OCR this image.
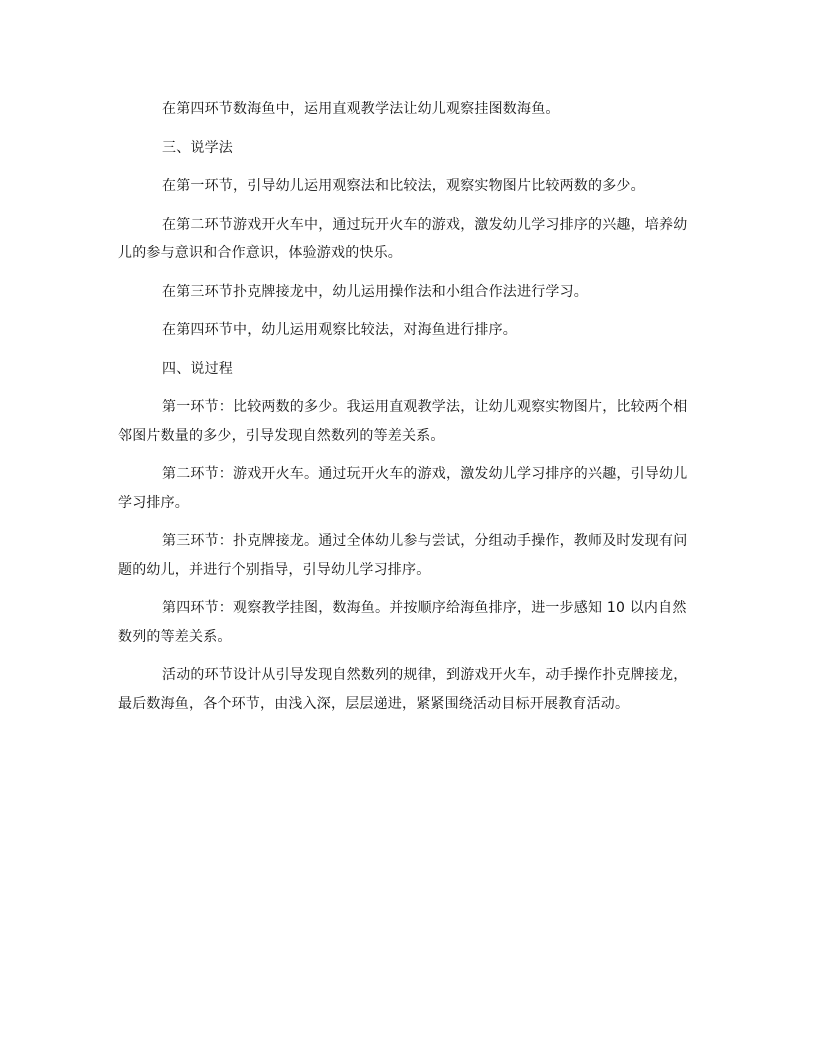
在第四环节数海鱼中，运用直观教学法让幼儿观察挂图数海鱼。

三、说学法

在第一环节，引导幼儿运用观察法和比较法，观察实物图片比较两数的多少。

在第二环节游戏开火车中，通过玩开火车的游戏，激发幼儿学习排序的兴趣，培养幼儿的参与意识和合作意识，体验游戏的快乐。

在第三环节扑克牌接龙中，幼儿运用操作法和小组合作法进行学习。

在第四环节中，幼儿运用观察比较法，对海鱼进行排序。

四、说过程

第一环节：比较两数的多少。我运用直观教学法，让幼儿观察实物图片，比较两个相邻图片数量的多少，引导发现自然数列的等差关系。

第二环节：游戏开火车。通过玩开火车的游戏，激发幼儿学习排序的兴趣，引导幼儿学习排序。

第三环节：扑克牌接龙。通过全体幼儿参与尝试，分组动手操作，教师及时发现有问题的幼儿，并进行个别指导，引导幼儿学习排序。

第四环节：观察教学挂图，数海鱼。并按顺序给海鱼排序，进一步感知 10 以内自然数列的等差关系。

活动的环节设计从引导发现自然数列的规律，到游戏开火车，动手操作扑克牌接龙，最后数海鱼，各个环节，由浅入深，层层递进，紧紧围绕活动目标开展教育活动。
